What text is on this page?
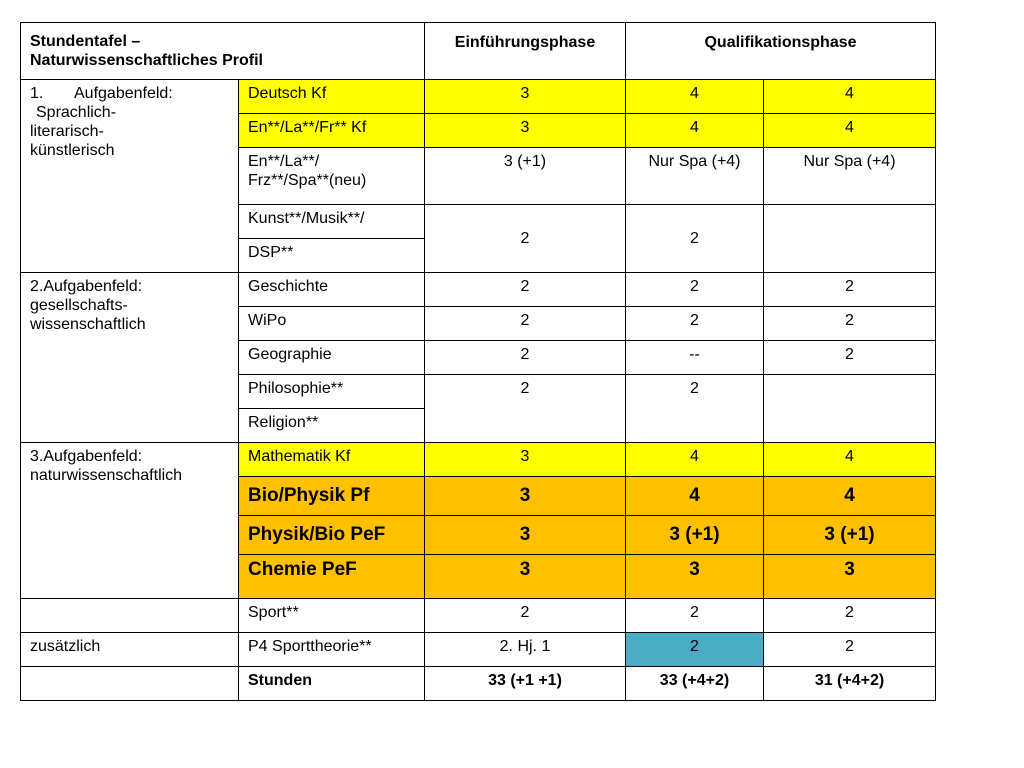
Stundentafel –
Naturwissenschaftliches Profil		Einführungsphase	Qualifikationsphase	
1. Aufgabenfeld:
Sprachlich-
literarisch-
künstlerisch	Deutsch Kf	3	4	4
	En**/La**/Fr** Kf	3	4	4
	En**/La**/
Frz**/Spa**(neu)	3 (+1)	Nur Spa (+4)	Nur Spa (+4)
	Kunst**/Musik**/	2	2	
	DSP**			
2.Aufgabenfeld:
gesellschafts-
wissenschaftlich	Geschichte	2	2	2
	WiPo	2	2	2
	Geographie	2	--	2
	Philosophie**	2	2	
	Religion**			
3.Aufgabenfeld:
naturwissenschaftlich	Mathematik Kf	3	4	4
	Bio/Physik Pf	3	4	4
	Physik/Bio PeF	3	3 (+1)	3 (+1)
	Chemie PeF	3	3	3
	Sport**	2	2	2
zusätzlich	P4 Sporttheorie**	2. Hj. 1	2	2
	Stunden	33 (+1 +1)	33 (+4+2)	31 (+4+2)
